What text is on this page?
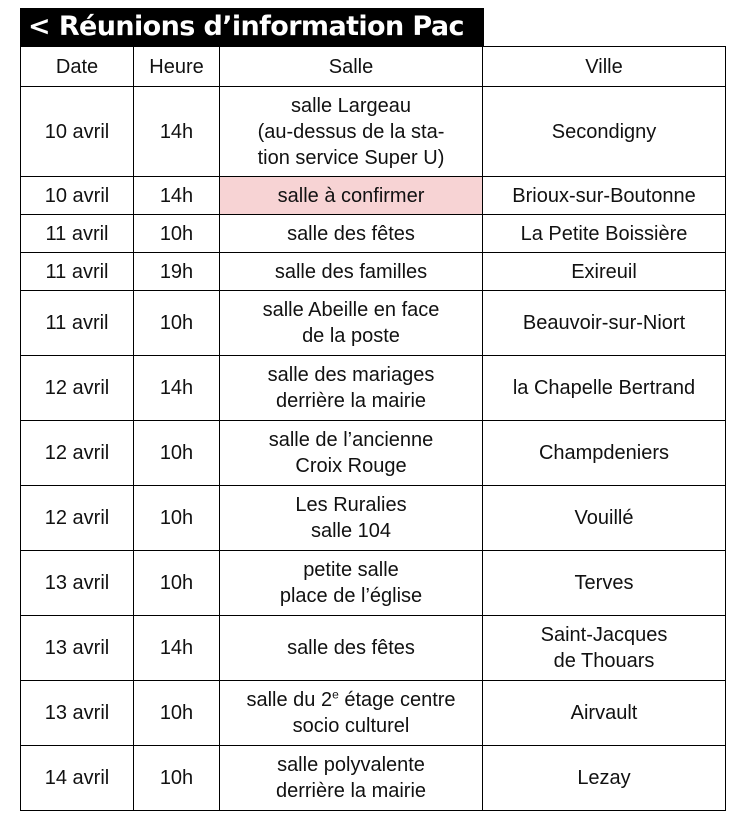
< Réunions d’information Pac
Date	Heure	Salle	Ville
10 avril	14h	salle Largeau
(au-dessus de la sta-
tion service Super U)	Secondigny
10 avril	14h	salle à confirmer	Brioux-sur-Boutonne
11 avril	10h	salle des fêtes	La Petite Boissière
11 avril	19h	salle des familles	Exireuil
11 avril	10h	salle Abeille en face
de la poste	Beauvoir-sur-Niort
12 avril	14h	salle des mariages
derrière la mairie	la Chapelle Bertrand
12 avril	10h	salle de l’ancienne
Croix Rouge	Champdeniers
12 avril	10h	Les Ruralies
salle 104	Vouillé
13 avril	10h	petite salle
place de l’église	Terves
13 avril	14h	salle des fêtes	Saint-Jacques
de Thouars
13 avril	10h	salle du 2e étage centre
socio culturel	Airvault
14 avril	10h	salle polyvalente
derrière la mairie	Lezay
